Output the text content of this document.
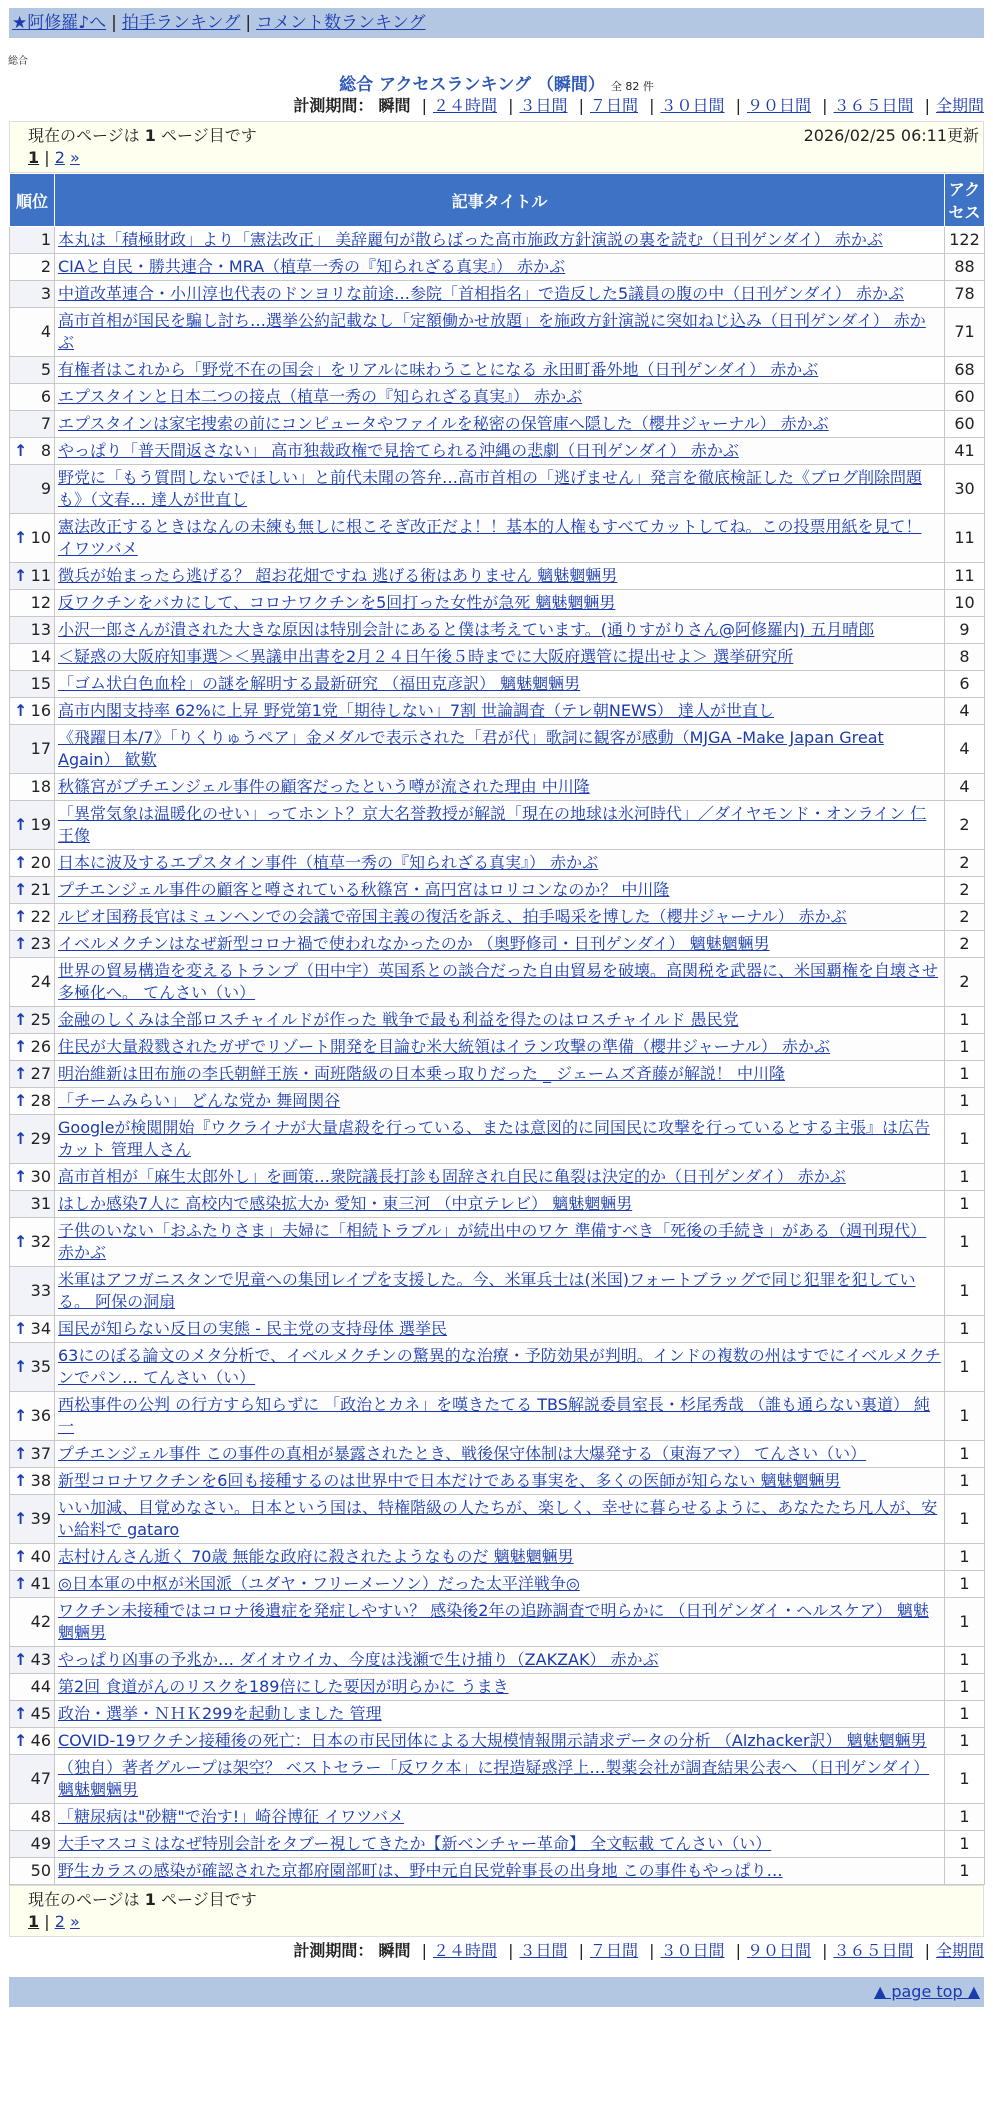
★阿修羅♪へ | 拍手ランキング | コメント数ランキング
総合
総合 アクセスランキング （瞬間） 全 82 件
計測期間： 瞬間 | ２４時間 | ３日間 | ７日間 | ３０日間 | ９０日間 | ３６５日間 | 全期間
現在のページは 1 ページ目です	2026/02/25 06:11更新
1 | 2 »
順位	記事タイトル	アクセス
1	本丸は「積極財政」より「憲法改正」 美辞麗句が散らばった高市施政方針演説の裏を読む（日刊ゲンダイ） 赤かぶ	122
2	CIAと自民・勝共連合・MRA（植草一秀の『知られざる真実』） 赤かぶ	88
3	中道改革連合・小川淳也代表のドンヨリな前途…参院「首相指名」で造反した5議員の腹の中（日刊ゲンダイ） 赤かぶ	78
4	高市首相が国民を騙し討ち…選挙公約記載なし「定額働かせ放題」を施政方針演説に突如ねじ込み（日刊ゲンダイ） 赤かぶ	71
5	有権者はこれから「野党不在の国会」をリアルに味わうことになる 永田町番外地（日刊ゲンダイ） 赤かぶ	68
6	エプスタインと日本二つの接点（植草一秀の『知られざる真実』） 赤かぶ	60
7	エプスタインは家宅捜索の前にコンピュータやファイルを秘密の保管庫へ隠した（櫻井ジャーナル） 赤かぶ	60

↑ 8	やっぱり「普天間返さない」 高市独裁政権で見捨てられる沖縄の悲劇（日刊ゲンダイ） 赤かぶ	41
9	野党に「もう質問しないでほしい」と前代未聞の答弁…高市首相の「逃げません」発言を徹底検証した《ブログ削除問題も》（文春… 達人が世直し	30

↑ 10	憲法改正するときはなんの未練も無しに根こそぎ改正だよ！！基本的人権もすべてカットしてね。この投票用紙を見て！ イワツバメ	11

↑ 11	徴兵が始まったら逃げる？ 超お花畑ですね 逃げる術はありません 魑魅魍魎男	11
12	反ワクチンをバカにして、コロナワクチンを5回打った女性が急死 魑魅魍魎男	10
13	小沢一郎さんが潰された大きな原因は特別会計にあると僕は考えています。(通りすがりさん@阿修羅内) 五月晴郎	9
14	＜疑惑の大阪府知事選＞＜異議申出書を2月２４日午後５時までに大阪府選管に提出せよ＞ 選挙研究所	8
15	「ゴム状白色血栓」の謎を解明する最新研究 （福田克彦訳） 魑魅魍魎男	6

↑ 16	高市内閣支持率 62%に上昇 野党第1党「期待しない」7割 世論調査（テレ朝NEWS） 達人が世直し	4
17	《飛躍日本/7》「りくりゅうペア」金メダルで表示された「君が代」歌詞に観客が感動（MJGA -Make Japan Great Again） 歓歎	4
18	秋篠宮がプチエンジェル事件の顧客だったという噂が流された理由 中川隆	4

↑ 19	「異常気象は温暖化のせい」ってホント？京大名誉教授が解説「現在の地球は氷河時代」／ダイヤモンド・オンライン 仁王像	2

↑ 20	日本に波及するエプスタイン事件（植草一秀の『知られざる真実』） 赤かぶ	2

↑ 21	プチエンジェル事件の顧客と噂されている秋篠宮・高円宮はロリコンなのか？ 中川隆	2

↑ 22	ルビオ国務長官はミュンヘンでの会議で帝国主義の復活を訴え、拍手喝采を博した（櫻井ジャーナル） 赤かぶ	2

↑ 23	イベルメクチンはなぜ新型コロナ禍で使われなかったのか （奥野修司・日刊ゲンダイ） 魑魅魍魎男	2
24	世界の貿易構造を変えるトランプ（田中宇）英国系との談合だった自由貿易を破壊。高関税を武器に、米国覇権を自壊させ多極化へ。 てんさい（い）	2

↑ 25	金融のしくみは全部ロスチャイルドが作った 戦争で最も利益を得たのはロスチャイルド 愚民党	1

↑ 26	住民が大量殺戮されたガザでリゾート開発を目論む米大統領はイラン攻撃の準備（櫻井ジャーナル） 赤かぶ	1

↑ 27	明治維新は田布施の李氏朝鮮王族・両班階級の日本乗っ取りだった _ ジェームズ斉藤が解説！ 中川隆	1

↑ 28	「チームみらい」 どんな党か 舞岡関谷	1

↑ 29	Googleが検閲開始『ウクライナが大量虐殺を行っている、または意図的に同国民に攻撃を行っているとする主張』は広告カット 管理人さん	1

↑ 30	高市首相が「麻生太郎外し」を画策…衆院議長打診も固辞され自民に亀裂は決定的か（日刊ゲンダイ） 赤かぶ	1
31	はしか感染7人に 高校内で感染拡大か 愛知・東三河 （中京テレビ） 魑魅魍魎男	1

↑ 32	子供のいない「おふたりさま」夫婦に「相続トラブル」が続出中のワケ 準備すべき「死後の手続き」がある（週刊現代） 赤かぶ	1
33	米軍はアフガニスタンで児童への集団レイプを支援した。今、米軍兵士は(米国)フォートブラッグで同じ犯罪を犯している。 阿保の洞扇	1

↑ 34	国民が知らない反日の実態 - 民主党の支持母体 選挙民	1

↑ 35	63にのぼる論文のメタ分析で、イベルメクチンの驚異的な治療・予防効果が判明。インドの複数の州はすでにイベルメクチンでパン… てんさい（い）	1

↑ 36	西松事件の公判 の行方すら知らずに 「政治とカネ」を嘆きたてる TBS解説委員室長・杉尾秀哉 （誰も通らない裏道） 純一	1

↑ 37	プチエンジェル事件 この事件の真相が暴露されたとき、戦後保守体制は大爆発する（東海アマ） てんさい（い）	1

↑ 38	新型コロナワクチンを6回も接種するのは世界中で日本だけである事実を、多くの医師が知らない 魑魅魍魎男	1

↑ 39	いい加減、目覚めなさい。日本という国は、特権階級の人たちが、楽しく、幸せに暮らせるように、あなたたち凡人が、安い給料で gataro	1

↑ 40	志村けんさん逝く 70歳 無能な政府に殺されたようなものだ 魑魅魍魎男	1

↑ 41	◎日本軍の中枢が米国派（ユダヤ・フリーメーソン）だった太平洋戦争◎	1
42	ワクチン未接種ではコロナ後遺症を発症しやすい？ 感染後2年の追跡調査で明らかに （日刊ゲンダイ・ヘルスケア） 魑魅魍魎男	1

↑ 43	やっぱり凶事の予兆か… ダイオウイカ、今度は浅瀬で生け捕り（ZAKZAK） 赤かぶ	1
44	第2回 食道がんのリスクを189倍にした要因が明らかに うまき	1

↑ 45	政治・選挙・ＮＨＫ299を起動しました 管理	1

↑ 46	COVID-19ワクチン接種後の死亡：日本の市民団体による大規模情報開示請求データの分析 （Alzhacker訳） 魑魅魍魎男	1
47	（独自）著者グループは架空？ ベストセラー「反ワク本」に捏造疑惑浮上…製薬会社が調査結果公表へ （日刊ゲンダイ） 魑魅魍魎男	1
48	「糖尿病は"砂糖"で治す!」崎谷博征 イワツバメ	1
49	大手マスコミはなぜ特別会計をタブー視してきたか【新ベンチャー革命】 全文転載 てんさい（い）	1
50	野生カラスの感染が確認された京都府園部町は、野中元自民党幹事長の出身地 この事件もやっぱり…	1
現在のページは 1 ページ目です
1 | 2 »
計測期間： 瞬間 | ２４時間 | ３日間 | ７日間 | ３０日間 | ９０日間 | ３６５日間 | 全期間
▲ page top ▲
